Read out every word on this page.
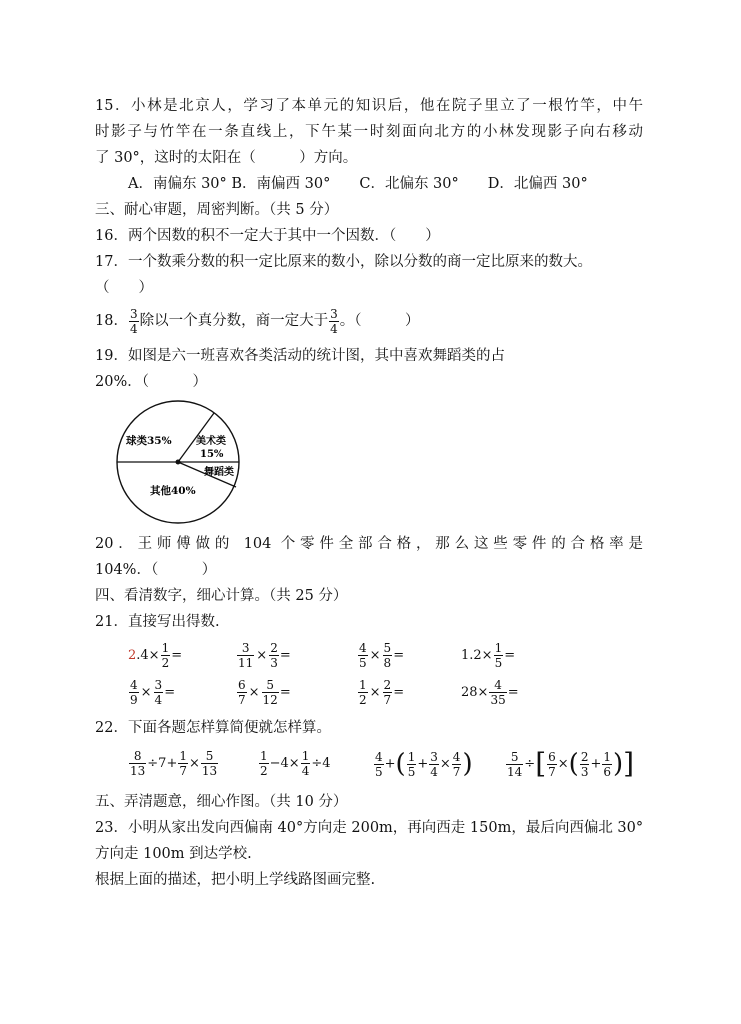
15．小林是北京人，学习了本单元的知识后，他在院子里立了一根竹竿，中午
时影子与竹竿在一条直线上，下午某一时刻面向北方的小林发现影子向右移动
了 30°，这时的太阳在（　　　）方向。
A．南偏东 30° B．南偏西 30°　　C．北偏东 30°　　D．北偏西 30°
三、耐心审题，周密判断。（共 5 分）
16．两个因数的积不一定大于其中一个因数．（　　）
17．一个数乘分数的积一定比原来的数小，除以分数的商一定比原来的数大。
（　　）
18． $\frac{3}{4}$ 除以一个真分数，商一定大于 $\frac{3}{4}$ 。（　　　）
19．如图是六一班喜欢各类活动的统计图，其中喜欢舞蹈类的占
20%．（　　　）
球类35% 美术类
15%
舞蹈类
其他40%
20．王师傅做的 104 个零件全部合格，那么这些零件的合格率是
104%．（　　　）
四、看清数字，细心计算。（共 25 分）
21．直接写出得数.
$2.4\times \frac{1}{2}$ =	$\frac{3}{11} \times \frac{2}{3}$ =	$\frac{4}{5} \times \frac{5}{8}$ =	$1.2\times \frac{1}{5}$ =
$\frac{4}{9} \times \frac{3}{4}$ =	$\frac{6}{7} \times \frac{5}{12}$ =	$\frac{1}{2} \times \frac{2}{7}$ =	$28\times \frac{4}{35}$ =
22．下面各题怎样算简便就怎样算。
$\frac{8}{13} \div 7+ \frac{1}{7} \times \frac{5}{13}$	$\frac{1}{2} -4\times \frac{1}{4} \div 4$	$\frac{4}{5}$ +( $\frac{1}{5} + \frac{3}{4} \times \frac{4}{7}$ )	$\frac{5}{14}$ ÷[ $\frac{6}{7}$ ×( $\frac{2}{3} + \frac{1}{6}$ )]
五、弄清题意，细心作图。（共 10 分）
23．小明从家出发向西偏南 40°方向走 200m，再向西走 150m，最后向西偏北 30°
方向走 100m 到达学校.
根据上面的描述，把小明上学线路图画完整.
